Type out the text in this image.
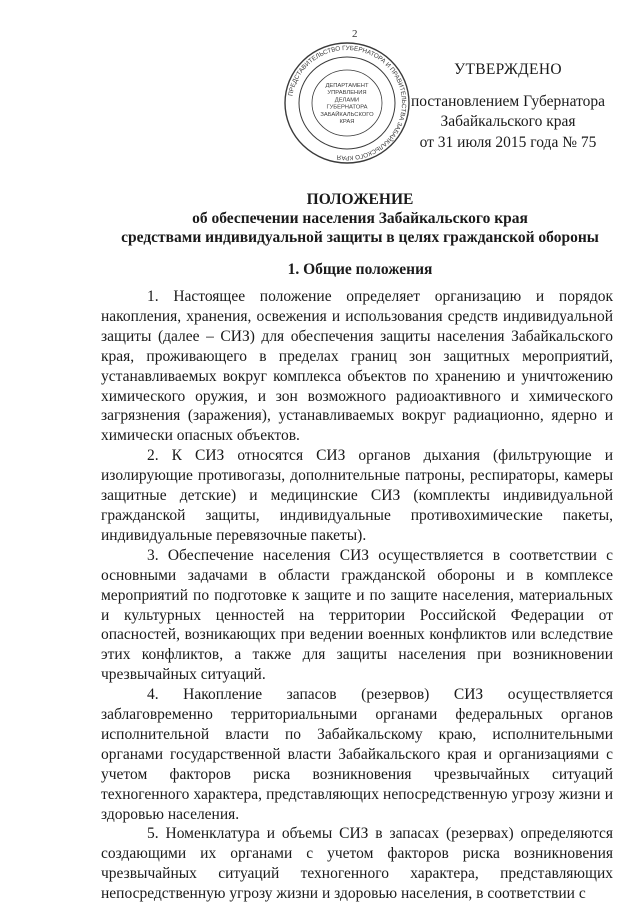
2
ПРЕДСТАВИТЕЛЬСТВО ГУБЕРНАТОРА И ПРАВИТЕЛЬСТВА ЗАБАЙКАЛЬСКОГО КРАЯ
ДЕПАРТАМЕНТ
УПРАВЛЕНИЯ
ДЕЛАМИ
ГУБЕРНАТОРА
ЗАБАЙКАЛЬСКОГО
КРАЯ
УТВЕРЖДЕНО
постановлением Губернатора
Забайкальского края
от 31 июля 2015 года № 75
ПОЛОЖЕНИЕ
об обеспечении населения Забайкальского края
средствами индивидуальной защиты в целях гражданской обороны
1. Общие положения

1. Настоящее положение определяет организацию и порядок накопления, хранения, освежения и использования средств индивидуальной защиты (далее – СИЗ) для обеспечения защиты населения Забайкальского края, проживающего в пределах границ зон защитных мероприятий, устанавливаемых вокруг комплекса объектов по хранению и уничтожению химического оружия, и зон возможного радиоактивного и химического загрязнения (заражения), устанавливаемых вокруг радиационно, ядерно и химически опасных объектов.

2. К СИЗ относятся СИЗ органов дыхания (фильтрующие и изолирующие противогазы, дополнительные патроны, респираторы, камеры защитные детские) и медицинские СИЗ (комплекты индивидуальной гражданской защиты, индивидуальные противохимические пакеты, индивидуальные перевязочные пакеты).

3. Обеспечение населения СИЗ осуществляется в соответствии с основными задачами в области гражданской обороны и в комплексе мероприятий по подготовке к защите и по защите населения, материальных и культурных ценностей на территории Российской Федерации от опасностей, возникающих при ведении военных конфликтов или вследствие этих конфликтов, а также для защиты населения при возникновении чрезвычайных ситуаций.

4. Накопление запасов (резервов) СИЗ осуществляется заблаговременно территориальными органами федеральных органов исполнительной власти по Забайкальскому краю, исполнительными органами государственной власти Забайкальского края и организациями с учетом факторов риска возникновения чрезвычайных ситуаций техногенного характера, представляющих непосредственную угрозу жизни и здоровью населения.

5. Номенклатура и объемы СИЗ в запасах (резервах) определяются создающими их органами с учетом факторов риска возникновения чрезвычайных ситуаций техногенного характера, представляющих непосредственную угрозу жизни и здоровью населения, в соответствии с
